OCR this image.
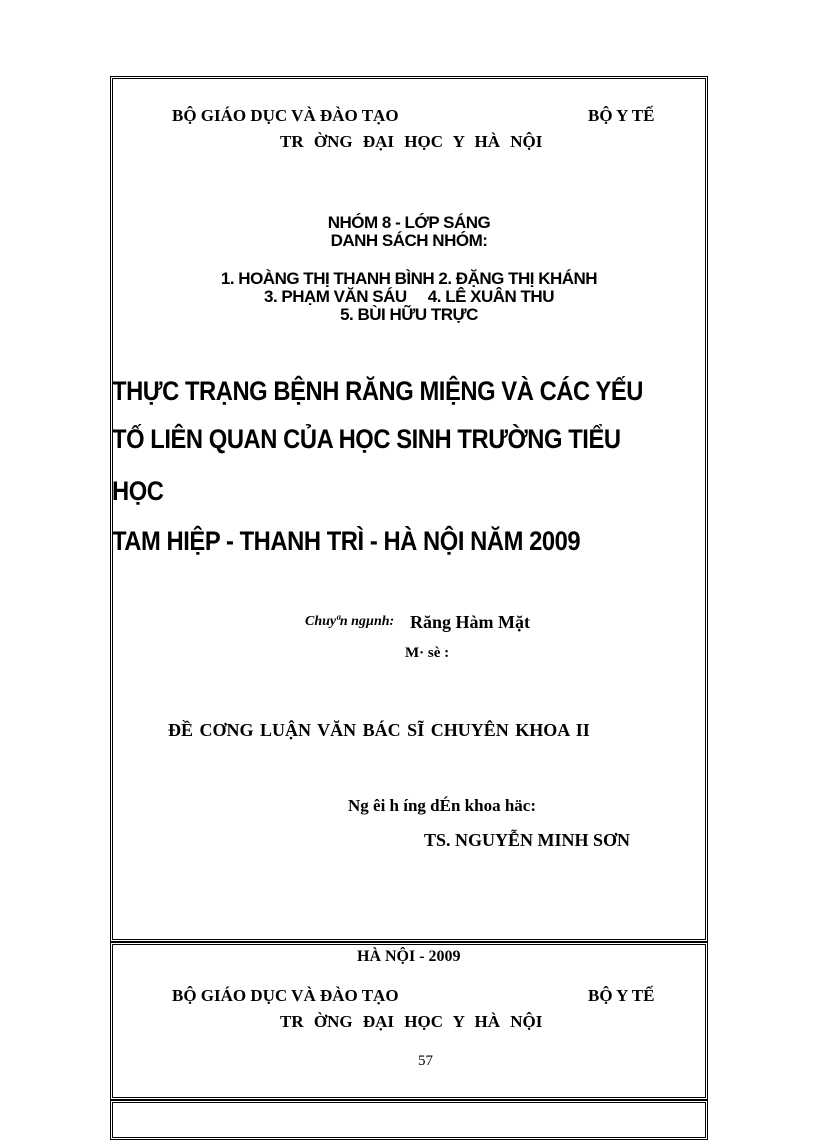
BỘ GIÁO DỤC VÀ ĐÀO TẠO	BỘ Y TẾ
TR ỜNG ĐẠI HỌC Y HÀ NỘI
NHÓM 8 - LỚP SÁNG
DANH SÁCH NHÓM:
1. HOÀNG THỊ THANH BÌNH 2. ĐẶNG THỊ KHÁNH
3. PHẠM VĂN SÁU     4. LÊ XUÂN THU
5. BÙI HỮU TRỰC
THỰC TRẠNG BỆNH RĂNG MIỆNG VÀ CÁC YẾU
TỐ LIÊN QUAN CỦA HỌC SINH TRƯỜNG TIỂU
HỌC
TAM HIỆP - THANH TRÌ - HÀ NỘI NĂM 2009
Chuyªn ngµnh: Răng Hàm Mặt
M· sè :
ĐỀ CƠNG LUẬN VĂN BÁC SĨ CHUYÊN KHOA II
Ng êi h íng dÉn khoa häc:
TS. NGUYỄN MINH SƠN
HÀ NỘI - 2009
BỘ GIÁO DỤC VÀ ĐÀO TẠO	BỘ Y TẾ
TR ỜNG ĐẠI HỌC Y HÀ NỘI
57
